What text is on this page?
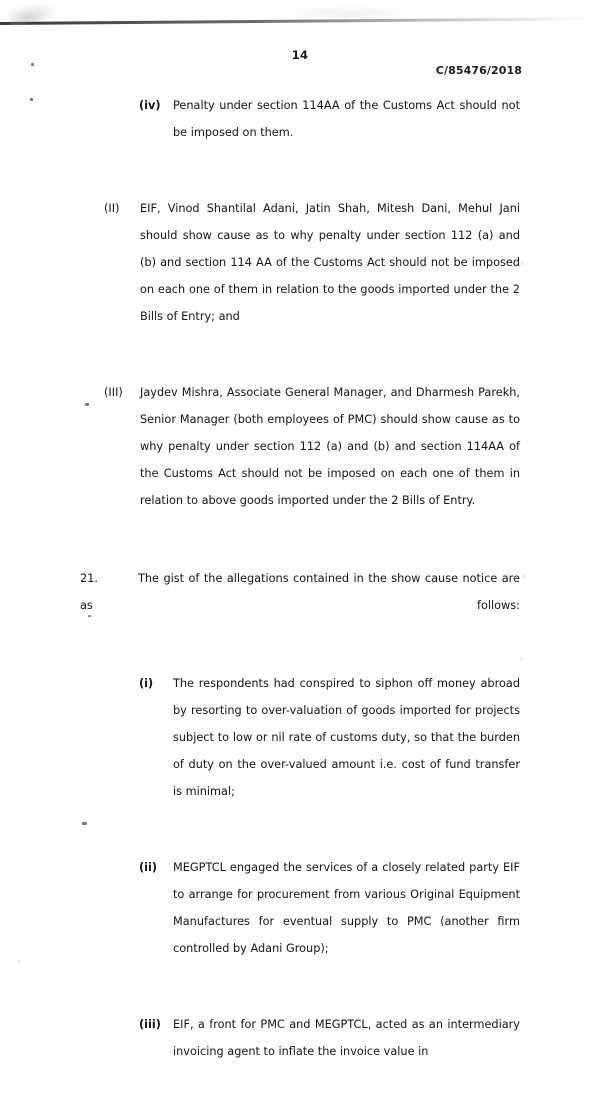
14
C/85476/2018
(iv) Penalty under section 114AA of the Customs Act should not be imposed on them.
(II) EIF, Vinod Shantilal Adani, Jatin Shah, Mitesh Dani, Mehul Jani should show cause as to why penalty under section 112 (a) and (b) and section 114 AA of the Customs Act should not be imposed on each one of them in relation to the goods imported under the 2 Bills of Entry; and
(III) Jaydev Mishra, Associate General Manager, and Dharmesh Parekh, Senior Manager (both employees of PMC) should show cause as to why penalty under section 112 (a) and (b) and section 114AA of the Customs Act should not be imposed on each one of them in relation to above goods imported under the 2 Bills of Entry.
21.	The gist of the allegations contained in the show cause notice are as follows:
(i) The respondents had conspired to siphon off money abroad by resorting to over-valuation of goods imported for projects subject to low or nil rate of customs duty, so that the burden of duty on the over-valued amount i.e. cost of fund transfer is minimal;
(ii) MEGPTCL engaged the services of a closely related party EIF to arrange for procurement from various Original Equipment Manufactures for eventual supply to PMC (another firm controlled by Adani Group);
(iii) EIF, a front for PMC and MEGPTCL, acted as an intermediary invoicing agent to inflate the invoice value in
